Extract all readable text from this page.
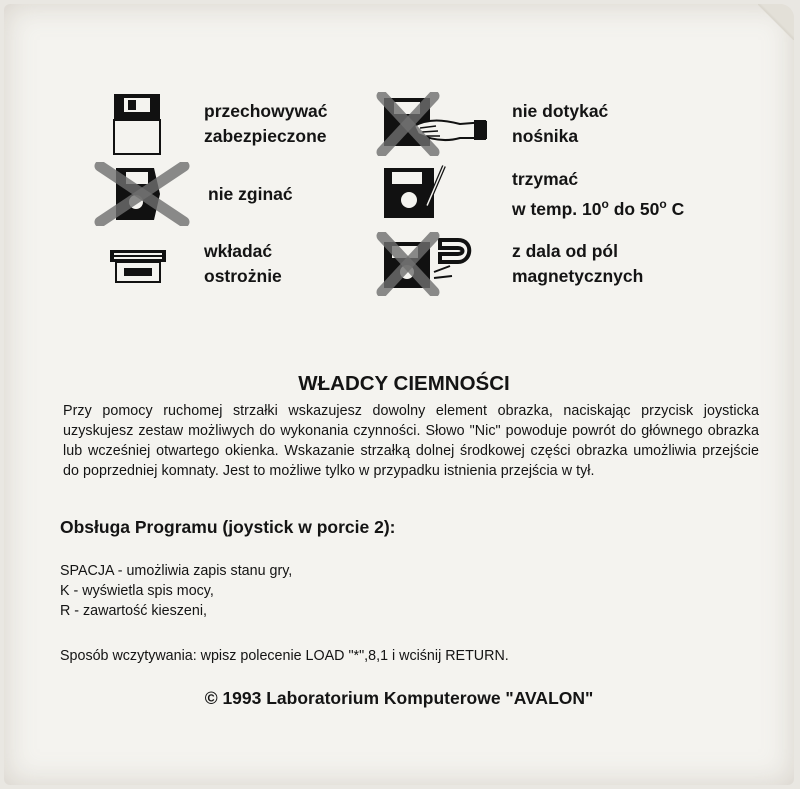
przechowywać
zabezpieczone
nie dotykać
nośnika
nie zginać
trzymać
w temp. 10$^o$ do 50$^o$ C
wkładać
ostrożnie
z dala od pól
magnetycznych
WŁADCY CIEMNOŚCI
Przy pomocy ruchomej strzałki wskazujesz dowolny element obrazka, naciskając przycisk joysticka uzyskujesz zestaw możliwych do wykonania czynności. Słowo "Nic" powoduje powrót do głównego obrazka lub wcześniej otwartego okienka. Wskazanie strzałką dolnej środkowej części obrazka umożliwia przejście do poprzedniej komnaty. Jest to możliwe tylko w przypadku istnienia przejścia w tył.
Obsługa Programu (joystick w porcie 2):
SPACJA - umożliwia zapis stanu gry,
K - wyświetla spis mocy,
R - zawartość kieszeni,
Sposób wczytywania: wpisz polecenie LOAD "*",8,1 i wciśnij RETURN.
© 1993 Laboratorium Komputerowe "AVALON"
